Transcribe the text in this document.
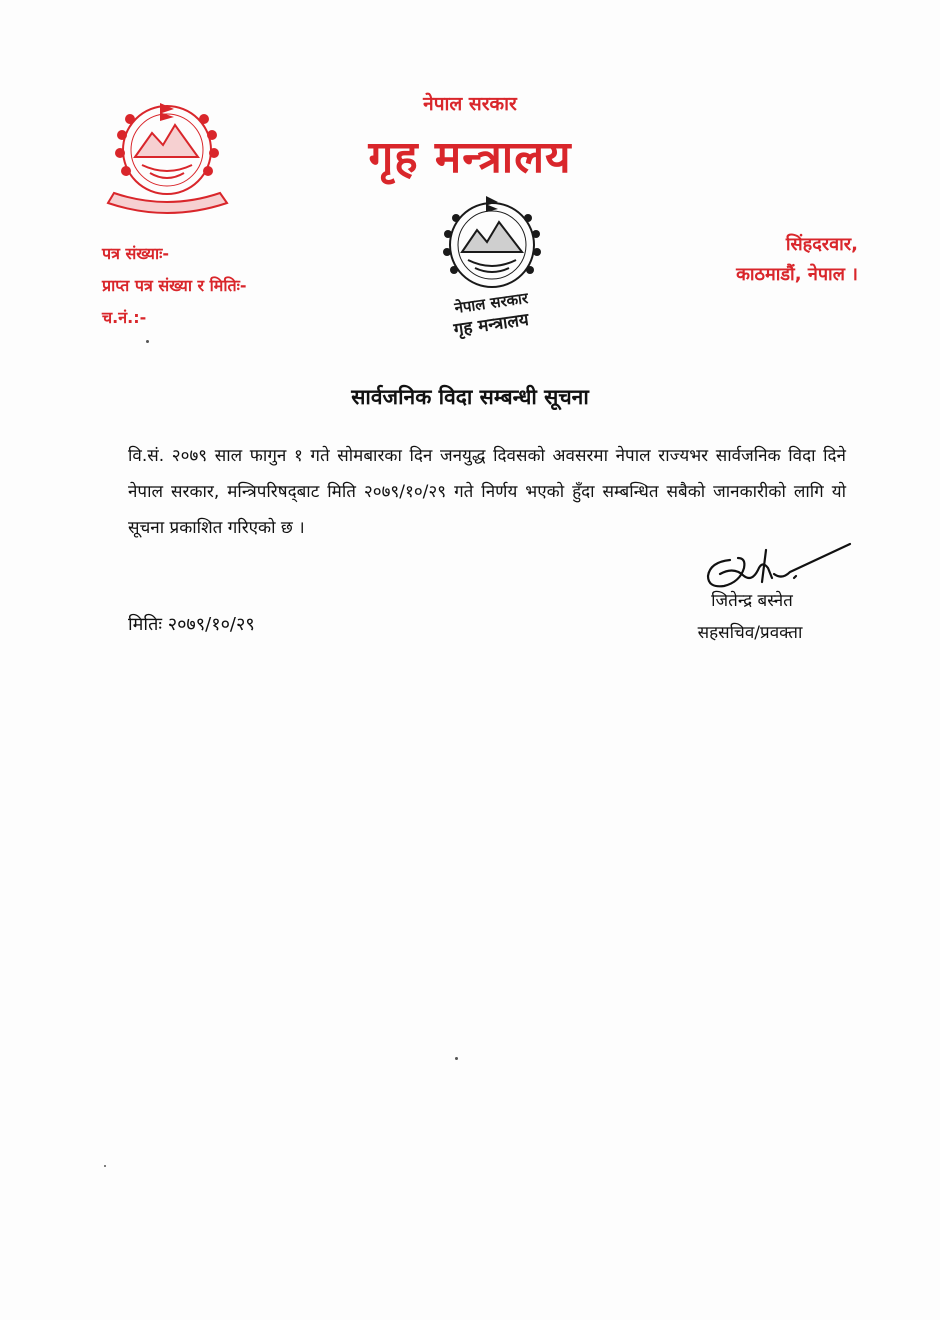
नेपाल सरकार
गृह मन्त्रालय
नेपाल सरकार
गृह मन्त्रालय
पत्र संख्याः-
प्राप्त पत्र संख्या र मितिः-
च.नं.:-
सिंहदरवार,
काठमाडौं, नेपाल ।
सार्वजनिक विदा सम्बन्धी सूचना
वि.सं. २०७९ साल फागुन १ गते सोमबारका दिन जनयुद्ध दिवसको अवसरमा नेपाल राज्यभर सार्वजनिक विदा दिने नेपाल सरकार, मन्त्रिपरिषद्‌बाट मिति २०७९/१०/२९ गते निर्णय भएको हुँदा सम्बन्धित सबैको जानकारीको लागि यो सूचना प्रकाशित गरिएको छ ।
मितिः २०७९/१०/२९
जितेन्द्र बस्नेत
सहसचिव/प्रवक्ता
